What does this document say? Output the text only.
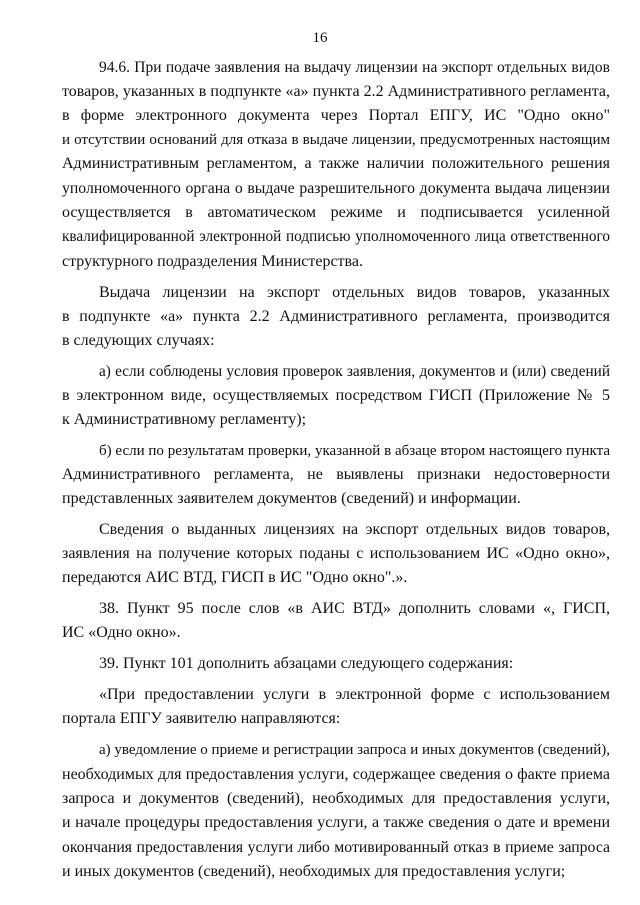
16
94.6. При подаче заявления на выдачу лицензии на экспорт отдельных видов
товаров, указанных в подпункте «а» пункта 2.2 Административного регламента,
в форме электронного документа через Портал ЕПГУ, ИС "Одно окно"
и отсутствии оснований для отказа в выдаче лицензии, предусмотренных настоящим
Административным регламентом, а также наличии положительного решения
уполномоченного органа о выдаче разрешительного документа выдача лицензии
осуществляется в автоматическом режиме и подписывается усиленной
квалифицированной электронной подписью уполномоченного лица ответственного
структурного подразделения Министерства.
Выдача лицензии на экспорт отдельных видов товаров, указанных
в подпункте «а» пункта 2.2 Административного регламента, производится
в следующих случаях:
а) если соблюдены условия проверок заявления, документов и (или) сведений
в электронном виде, осуществляемых посредством ГИСП (Приложение № 5
к Административному регламенту);
б) если по результатам проверки, указанной в абзаце втором настоящего пункта
Административного регламента, не выявлены признаки недостоверности
представленных заявителем документов (сведений) и информации.
Сведения о выданных лицензиях на экспорт отдельных видов товаров,
заявления на получение которых поданы с использованием ИС «Одно окно»,
передаются АИС ВТД, ГИСП в ИС "Одно окно".».
38. Пункт 95 после слов «в АИС ВТД» дополнить словами «, ГИСП,
ИС «Одно окно».
39. Пункт 101 дополнить абзацами следующего содержания:
«При предоставлении услуги в электронной форме с использованием
портала ЕПГУ заявителю направляются:
а) уведомление о приеме и регистрации запроса и иных документов (сведений),
необходимых для предоставления услуги, содержащее сведения о факте приема
запроса и документов (сведений), необходимых для предоставления услуги,
и начале процедуры предоставления услуги, а также сведения о дате и времени
окончания предоставления услуги либо мотивированный отказ в приеме запроса
и иных документов (сведений), необходимых для предоставления услуги;
